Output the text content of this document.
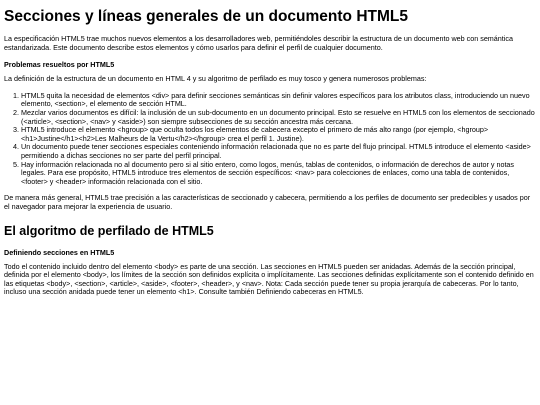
Secciones y líneas generales de un documento HTML5

La especificación HTML5 trae muchos nuevos elementos a los desarrolladores web, permitiéndoles describir la estructura de un documento web con semántica estandarizada. Este documento describe estos elementos y cómo usarlos para definir el perfil de cualquier documento.

Problemas resueltos por HTML5

La definición de la estructura de un documento en HTML 4 y su algoritmo de perfilado es muy tosco y genera numerosos problemas:

1. HTML5 quita la necesidad de elementos <div> para definir secciones semánticas sin definir valores específicos para los atributos class, introduciendo un nuevo elemento, <section>, el elemento de sección HTML.
2. Mezclar varios documentos es difícil: la inclusión de un sub-documento en un documento principal. Esto se resuelve en HTML5 con los elementos de seccionado (<article>, <section>, <nav> y <aside>) son siempre subsecciones de su sección ancestra más cercana.
3. HTML5 introduce el elemento <hgroup> que oculta todos los elementos de cabecera excepto el primero de más alto rango (por ejemplo, <hgroup><h1>Justine</h1><h2>Les Malheurs de la Vertu</h2></hgroup> crea el perfil 1. Justine).
4. Un documento puede tener secciones especiales conteniendo información relacionada que no es parte del flujo principal. HTML5 introduce el elemento <aside> permitiendo a dichas secciones no ser parte del perfil principal.
5. Hay información relacionada no al documento pero si al sitio entero, como logos, menús, tablas de contenidos, o información de derechos de autor y notas legales. Para ese propósito, HTML5 introduce tres elementos de sección específicos: <nav> para colecciones de enlaces, como una tabla de contenidos, <footer> y <header> información relacionada con el sitio.

De manera más general, HTML5 trae precisión a las características de seccionado y cabecera, permitiendo a los perfiles de documento ser predecibles y usados por el navegador para mejorar la experiencia de usuario.

El algoritmo de perfilado de HTML5
Definiendo secciones en HTML5

Todo el contenido incluido dentro del elemento <body> es parte de una sección. Las secciones en HTML5 pueden ser anidadas. Además de la sección principal, definida por el elemento <body>, los límites de la sección son definidos explícita o implícitamente. Las secciones definidas explícitamente son el contenido definido en las etiquetas <body>, <section>, <article>, <aside>, <footer>, <header>, y <nav>. Nota: Cada sección puede tener su propia jerarquía de cabeceras. Por lo tanto, incluso una sección anidada puede tener un elemento <h1>. Consulte también Definiendo cabeceras en HTML5.
